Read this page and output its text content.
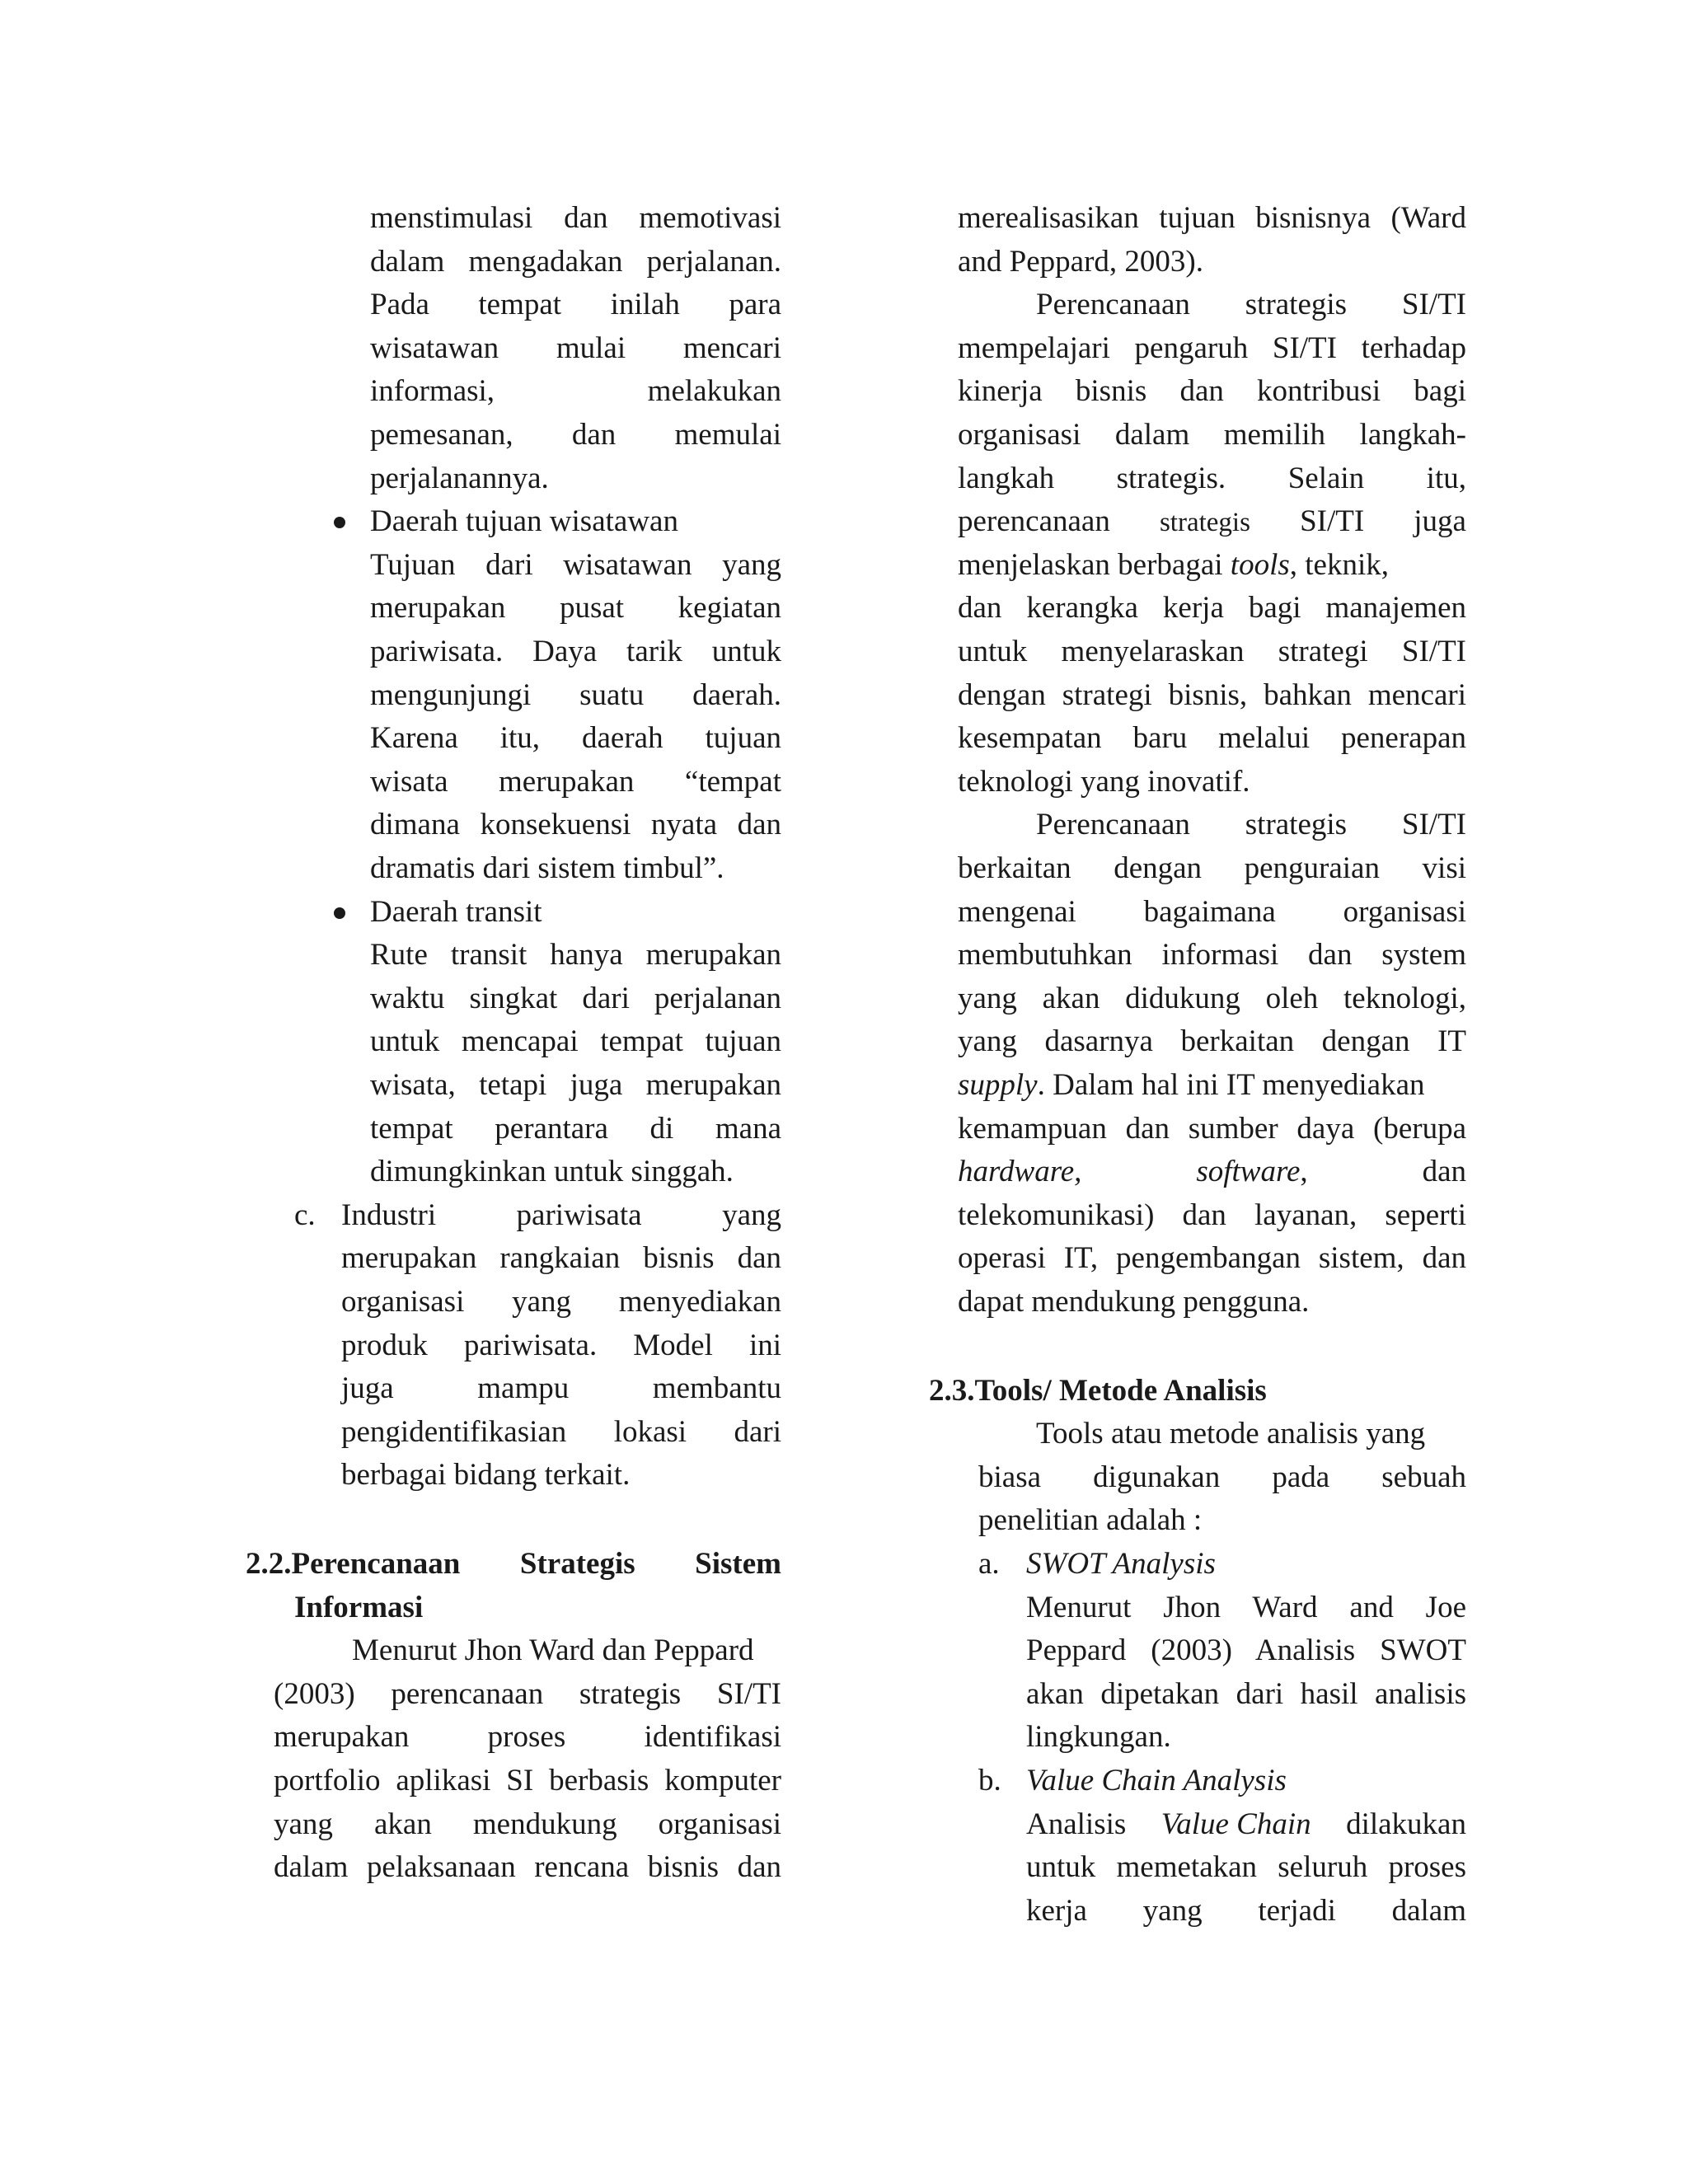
menstimulasi dan memotivasi
dalam mengadakan perjalanan.
Pada tempat inilah para
wisatawan mulai mencari
informasi, melakukan
pemesanan, dan memulai
perjalanannya.
Daerah tujuan wisatawan
Tujuan dari wisatawan yang
merupakan pusat kegiatan
pariwisata. Daya tarik untuk
mengunjungi suatu daerah.
Karena itu, daerah tujuan
wisata merupakan “tempat
dimana konsekuensi nyata dan
dramatis dari sistem timbul”.
Daerah transit
Rute transit hanya merupakan
waktu singkat dari perjalanan
untuk mencapai tempat tujuan
wisata, tetapi juga merupakan
tempat perantara di mana
dimungkinkan untuk singgah.
c. Industri pariwisata yang
merupakan rangkaian bisnis dan
organisasi yang menyediakan
produk pariwisata. Model ini
juga mampu membantu
pengidentifikasian lokasi dari
berbagai bidang terkait.
2.2.Perencanaan Strategis Sistem
Informasi
Menurut Jhon Ward dan Peppard
(2003) perencanaan strategis SI/TI
merupakan proses identifikasi
portfolio aplikasi SI berbasis komputer
yang akan mendukung organisasi
dalam pelaksanaan rencana bisnis dan
merealisasikan tujuan bisnisnya (Ward
and Peppard, 2003).
Perencanaan strategis SI/TI
mempelajari pengaruh SI/TI terhadap
kinerja bisnis dan kontribusi bagi
organisasi dalam memilih langkah-
langkah strategis. Selain itu,
perencanaan strategis SI/TI juga
menjelaskan berbagai tools, teknik,
dan kerangka kerja bagi manajemen
untuk menyelaraskan strategi SI/TI
dengan strategi bisnis, bahkan mencari
kesempatan baru melalui penerapan
teknologi yang inovatif.
Perencanaan strategis SI/TI
berkaitan dengan penguraian visi
mengenai bagaimana organisasi
membutuhkan informasi dan system
yang akan didukung oleh teknologi,
yang dasarnya berkaitan dengan IT
supply. Dalam hal ini IT menyediakan
kemampuan dan sumber daya (berupa
hardware,	software,	dan
telekomunikasi) dan layanan, seperti
operasi IT, pengembangan sistem, dan
dapat mendukung pengguna.
2.3.Tools/ Metode Analisis
Tools atau metode analisis yang
biasa digunakan pada sebuah
penelitian adalah :
a. SWOT Analysis
Menurut Jhon Ward and Joe
Peppard (2003) Analisis SWOT
akan dipetakan dari hasil analisis
lingkungan.
b. Value Chain Analysis
Analisis Value Chain dilakukan
untuk memetakan seluruh proses
kerja yang terjadi dalam
